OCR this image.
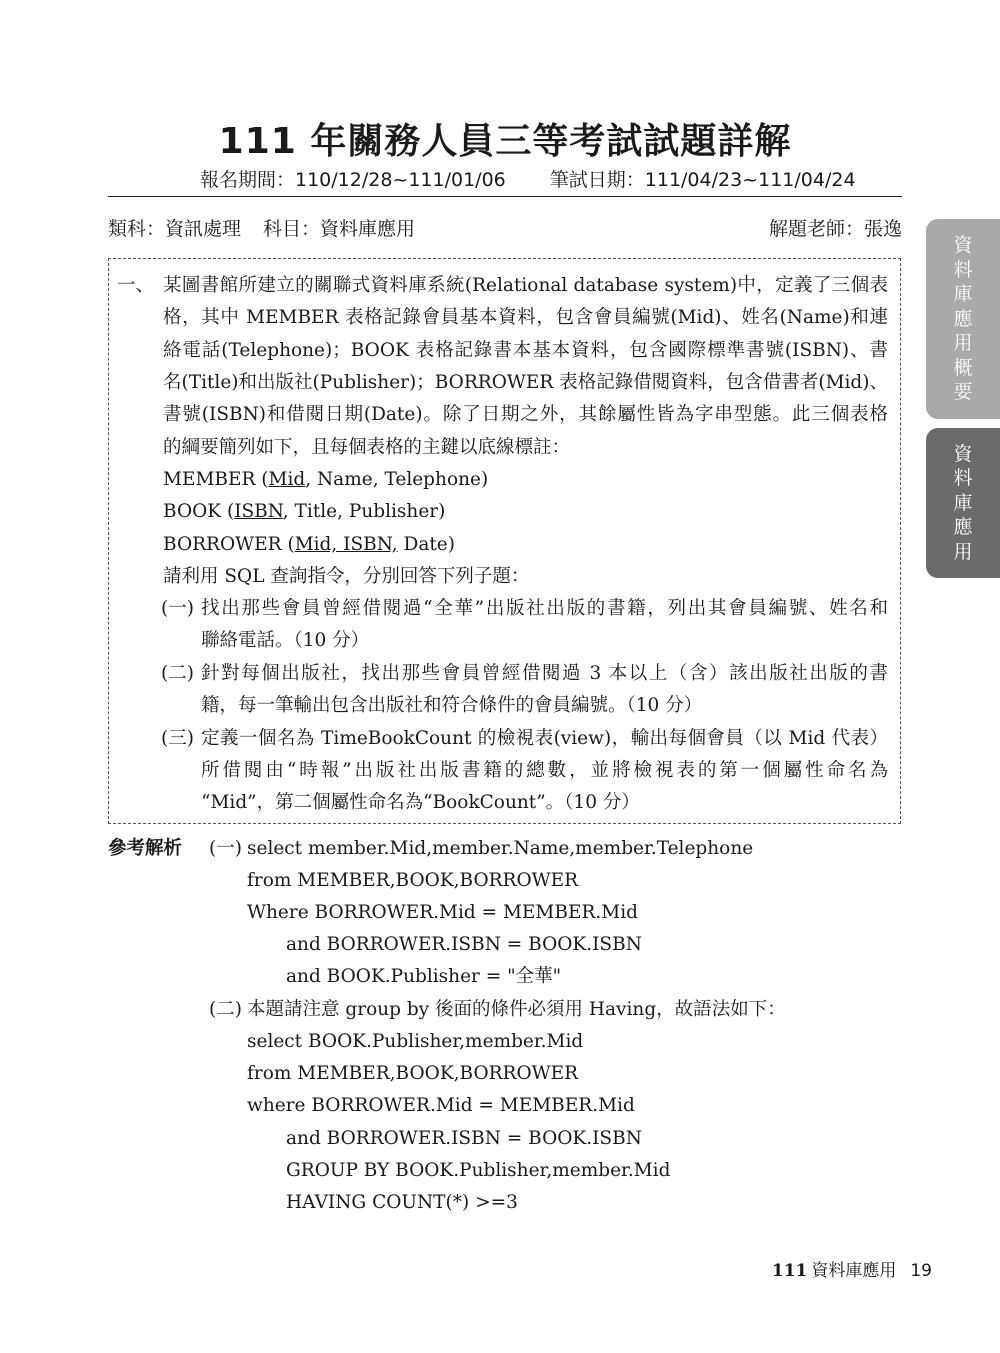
111 年關務人員三等考試試題詳解
報名期間：110/12/28~111/01/06 筆試日期：111/04/23~111/04/24
類科：資訊處理 科目：資料庫應用	解題老師：張逸
一、 某圖書館所建立的關聯式資料庫系統(Relational database system)中，定義了三個表
格，其中 MEMBER 表格記錄會員基本資料，包含會員編號(Mid)、姓名(Name)和連
絡電話(Telephone)；BOOK 表格記錄書本基本資料，包含國際標準書號(ISBN)、書
名(Title)和出版社(Publisher)；BORROWER 表格記錄借閱資料，包含借書者(Mid)、
書號(ISBN)和借閱日期(Date)。除了日期之外，其餘屬性皆為字串型態。此三個表格
的綱要簡列如下，且每個表格的主鍵以底線標註：
MEMBER (Mid, Name, Telephone)
BOOK (ISBN, Title, Publisher)
BORROWER (Mid, ISBN, Date)
請利用 SQL 查詢指令，分別回答下列子題：
(一) 找出那些會員曾經借閱過“全華”出版社出版的書籍，列出其會員編號、姓名和
聯絡電話。（10 分）
(二) 針對每個出版社，找出那些會員曾經借閱過 3 本以上（含）該出版社出版的書
籍，每一筆輸出包含出版社和符合條件的會員編號。（10 分）
(三) 定義一個名為 TimeBookCount 的檢視表(view)，輸出每個會員（以 Mid 代表）
所借閱由“時報”出版社出版書籍的總數，並將檢視表的第一個屬性命名為
“Mid”，第二個屬性命名為“BookCount”。（10 分）
參考解析 (一) select member.Mid,member.Name,member.Telephone
from MEMBER,BOOK,BORROWER
Where BORROWER.Mid = MEMBER.Mid
and BORROWER.ISBN = BOOK.ISBN
and BOOK.Publisher = "全華"
(二) 本題請注意 group by 後面的條件必須用 Having，故語法如下：
select BOOK.Publisher,member.Mid
from MEMBER,BOOK,BORROWER
where BORROWER.Mid = MEMBER.Mid
and BORROWER.ISBN = BOOK.ISBN
GROUP BY BOOK.Publisher,member.Mid
HAVING COUNT(*) >=3
資
料
庫
應
用
概
要
資
料
庫
應
用
111 資料庫應用 19
